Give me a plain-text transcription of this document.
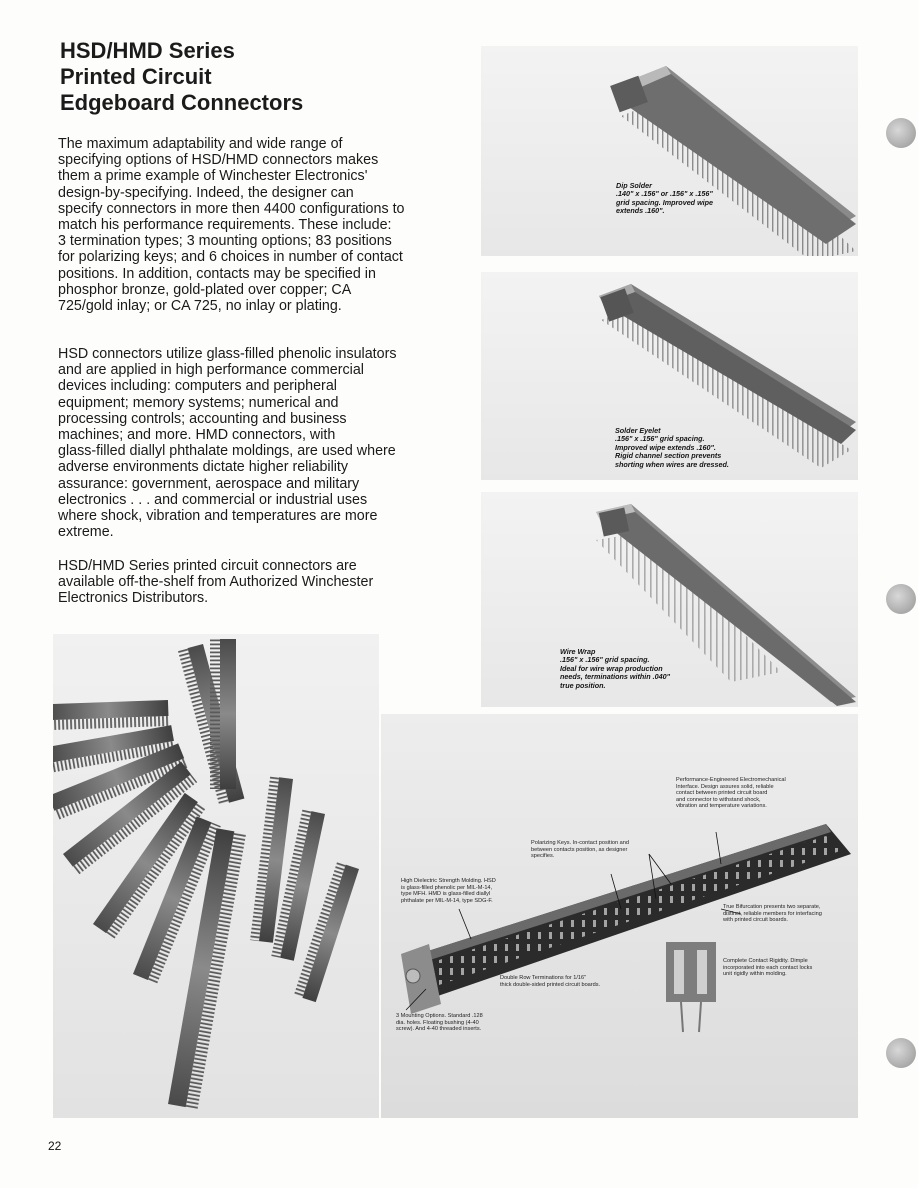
HSD/HMD Series
Printed Circuit
Edgeboard Connectors
The maximum adaptability and wide range of
specifying options of HSD/HMD connectors makes
them a prime example of Winchester Electronics'
design-by-specifying. Indeed, the designer can
specify connectors in more then 4400 configurations to
match his performance requirements. These include:
3 termination types; 3 mounting options; 83 positions
for polarizing keys; and 6 choices in number of contact
positions. In addition, contacts may be specified in
phosphor bronze, gold-plated over copper; CA
725/gold inlay; or CA 725, no inlay or plating.
HSD connectors utilize glass-filled phenolic insulators
and are applied in high performance commercial
devices including: computers and peripheral
equipment; memory systems; numerical and
processing controls; accounting and business
machines; and more. HMD connectors, with
glass-filled diallyl phthalate moldings, are used where
adverse environments dictate higher reliability
assurance: government, aerospace and military
electronics . . . and commercial or industrial uses
where shock, vibration and temperatures are more
extreme.
HSD/HMD Series printed circuit connectors are
available off-the-shelf from Authorized Winchester
Electronics Distributors.
Dip Solder
.140" x .156" or .156" x .156"
grid spacing. Improved wipe
extends .160".
Solder Eyelet
.156" x .156" grid spacing.
Improved wipe extends .160".
Rigid channel section prevents
shorting when wires are dressed.
Wire Wrap
.156" x .156" grid spacing.
Ideal for wire wrap production
needs, terminations within .040"
true position.
Performance-Engineered Electromechanical
Interface. Design assures solid, reliable
contact between printed circuit board
and connector to withstand shock,
vibration and temperature variations.
Polarizing Keys. In-contact position and
between contacts position, as designer
specifies.
High Dielectric Strength Molding. HSD
is glass-filled phenolic per MIL-M-14,
type MFH. HMD is glass-filled diallyl
phthalate per MIL-M-14, type SDG-F.
True Bifurcation presents two separate,
distinct, reliable members for interfacing
with printed circuit boards.
Double Row Terminations for 1/16"
thick double-sided printed circuit boards.
Complete Contact Rigidity. Dimple
incorporated into each contact locks
unit rigidly within molding.
3 Mounting Options. Standard .128
dia. holes. Floating bushing (4-40
screw). And 4-40 threaded inserts.
22
